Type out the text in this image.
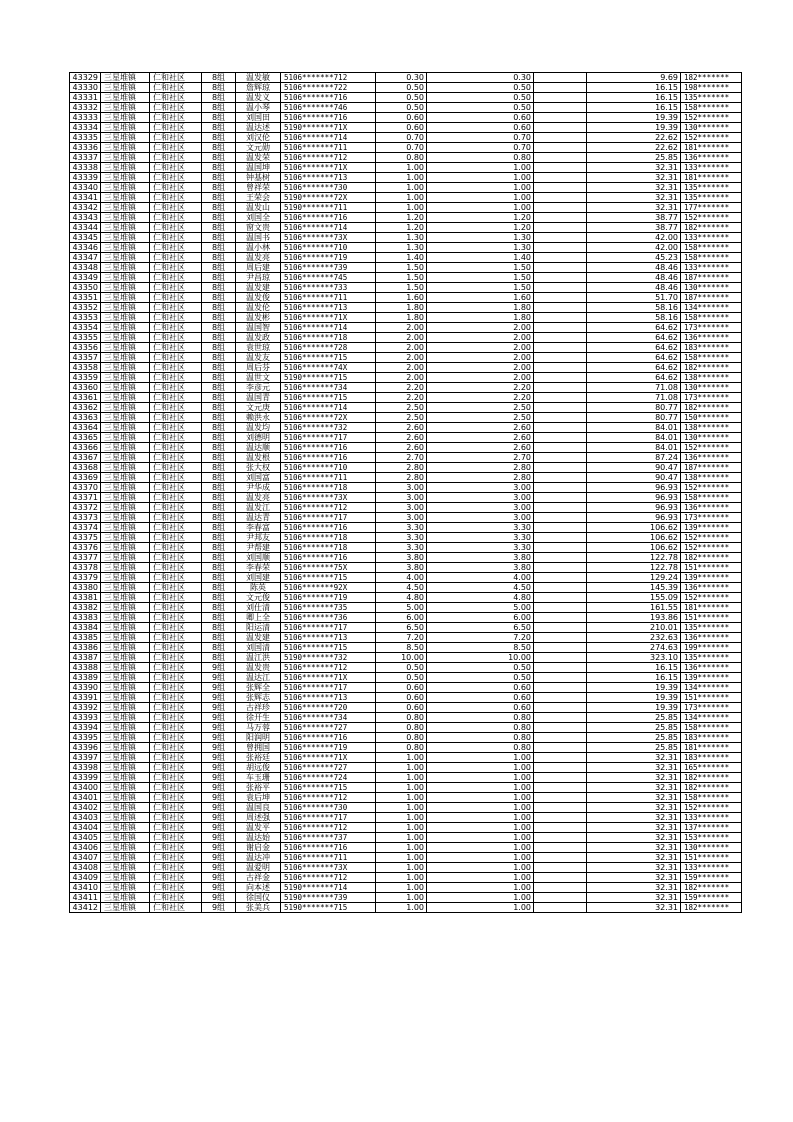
43329	三星堆镇	仁和社区	8组	温发敏	5106*******712	0.30	0.30		9.69	182*******
43330	三星堆镇	仁和社区	8组	詹辉琼	5106*******722	0.50	0.50		16.15	198*******
43331	三星堆镇	仁和社区	8组	温发义	5106*******716	0.50	0.50		16.15	135*******
43332	三星堆镇	仁和社区	8组	温小琴	5106*******746	0.50	0.50		16.15	158*******
43333	三星堆镇	仁和社区	8组	刘国田	5106*******716	0.60	0.60		19.39	152*******
43334	三星堆镇	仁和社区	8组	温达述	5190*******71X	0.60	0.60		19.39	130*******
43335	三星堆镇	仁和社区	8组	刘汉伦	5106*******714	0.70	0.70		22.62	152*******
43336	三星堆镇	仁和社区	8组	文元勋	5106*******711	0.70	0.70		22.62	181*******
43337	三星堆镇	仁和社区	8组	温发荣	5106*******712	0.80	0.80		25.85	136*******
43338	三星堆镇	仁和社区	8组	温国坤	5106*******71X	1.00	1.00		32.31	133*******
43339	三星堆镇	仁和社区	8组	钟基树	5106*******713	1.00	1.00		32.31	181*******
43340	三星堆镇	仁和社区	8组	曾祥荣	5106*******730	1.00	1.00		32.31	135*******
43341	三星堆镇	仁和社区	8组	王荣会	5190*******72X	1.00	1.00		32.31	135*******
43342	三星堆镇	仁和社区	8组	温发山	5190*******711	1.00	1.00		32.31	177*******
43343	三星堆镇	仁和社区	8组	刘国全	5106*******716	1.20	1.20		38.77	152*******
43344	三星堆镇	仁和社区	8组	窗文贵	5106*******714	1.20	1.20		38.77	182*******
43345	三星堆镇	仁和社区	8组	温国书	5106*******73X	1.30	1.30		42.00	133*******
43346	三星堆镇	仁和社区	8组	温小林	5106*******710	1.30	1.30		42.00	158*******
43347	三星堆镇	仁和社区	8组	温发亮	5106*******719	1.40	1.40		45.23	158*******
43348	三星堆镇	仁和社区	8组	周后建	5106*******739	1.50	1.50		48.46	133*******
43349	三星堆镇	仁和社区	8组	尹昌琼	5106*******745	1.50	1.50		48.46	187*******
43350	三星堆镇	仁和社区	8组	温发建	5106*******733	1.50	1.50		48.46	130*******
43351	三星堆镇	仁和社区	8组	温发俊	5106*******711	1.60	1.60		51.70	187*******
43352	三星堆镇	仁和社区	8组	温发伦	5106*******713	1.80	1.80		58.16	134*******
43353	三星堆镇	仁和社区	8组	温发彬	5106*******71X	1.80	1.80		58.16	158*******
43354	三星堆镇	仁和社区	8组	温国智	5106*******714	2.00	2.00		64.62	173*******
43355	三星堆镇	仁和社区	8组	温发政	5106*******718	2.00	2.00		64.62	136*******
43356	三星堆镇	仁和社区	8组	袁世琼	5106*******728	2.00	2.00		64.62	183*******
43357	三星堆镇	仁和社区	8组	温发友	5106*******715	2.00	2.00		64.62	158*******
43358	三星堆镇	仁和社区	8组	周后芬	5106*******74X	2.00	2.00		64.62	182*******
43359	三星堆镇	仁和社区	8组	温世文	5190*******715	2.00	2.00		64.62	138*******
43360	三星堆镇	仁和社区	8组	李彦元	5106*******734	2.20	2.20		71.08	130*******
43361	三星堆镇	仁和社区	8组	温国青	5106*******715	2.20	2.20		71.08	173*******
43362	三星堆镇	仁和社区	8组	文元庚	5106*******714	2.50	2.50		80.77	182*******
43363	三星堆镇	仁和社区	8组	赖洪永	5106*******72X	2.50	2.50		80.77	150*******
43364	三星堆镇	仁和社区	8组	温发均	5106*******732	2.60	2.60		84.01	138*******
43365	三星堆镇	仁和社区	8组	刘德明	5106*******717	2.60	2.60		84.01	130*******
43366	三星堆镇	仁和社区	8组	温达顺	5106*******716	2.60	2.60		84.01	152*******
43367	三星堆镇	仁和社区	8组	温发根	5106*******716	2.70	2.70		87.24	136*******
43368	三星堆镇	仁和社区	8组	张大权	5106*******710	2.80	2.80		90.47	187*******
43369	三星堆镇	仁和社区	8组	刘国富	5106*******711	2.80	2.80		90.47	138*******
43370	三星堆镇	仁和社区	8组	尹华成	5106*******718	3.00	3.00		96.93	152*******
43371	三星堆镇	仁和社区	8组	温发亮	5106*******73X	3.00	3.00		96.93	158*******
43372	三星堆镇	仁和社区	8组	温发江	5106*******712	3.00	3.00		96.93	136*******
43373	三星堆镇	仁和社区	8组	温达青	5106*******717	3.00	3.00		96.93	173*******
43374	三星堆镇	仁和社区	8组	李春富	5106*******716	3.30	3.30		106.62	139*******
43375	三星堆镇	仁和社区	8组	尹邦友	5106*******718	3.30	3.30		106.62	152*******
43376	三星堆镇	仁和社区	8组	尹帮建	5106*******718	3.30	3.30		106.62	152*******
43377	三星堆镇	仁和社区	8组	刘国顺	5106*******716	3.80	3.80		122.78	182*******
43378	三星堆镇	仁和社区	8组	李春荣	5106*******75X	3.80	3.80		122.78	151*******
43379	三星堆镇	仁和社区	8组	刘国建	5106*******715	4.00	4.00		129.24	139*******
43380	三星堆镇	仁和社区	8组	陈英	5106*******92X	4.50	4.50		145.39	136*******
43381	三星堆镇	仁和社区	8组	文元俊	5106*******719	4.80	4.80		155.09	152*******
43382	三星堆镇	仁和社区	8组	刘仕清	5106*******735	5.00	5.00		161.55	181*******
43383	三星堆镇	仁和社区	8组	卿上全	5106*******736	6.00	6.00		193.86	151*******
43384	三星堆镇	仁和社区	8组	阳运清	5106*******717	6.50	6.50		210.01	135*******
43385	三星堆镇	仁和社区	8组	温发建	5106*******713	7.20	7.20		232.63	136*******
43386	三星堆镇	仁和社区	8组	刘国清	5106*******715	8.50	8.50		274.63	199*******
43387	三星堆镇	仁和社区	8组	温江洪	5190*******732	10.00	10.00		323.10	135*******
43388	三星堆镇	仁和社区	9组	温发贵	5106*******712	0.50	0.50		16.15	136*******
43389	三星堆镇	仁和社区	9组	温达江	5106*******71X	0.50	0.50		16.15	139*******
43390	三星堆镇	仁和社区	9组	张辉全	5106*******717	0.60	0.60		19.39	134*******
43391	三星堆镇	仁和社区	9组	张辉志	5106*******713	0.60	0.60		19.39	151*******
43392	三星堆镇	仁和社区	9组	古祥珍	5106*******720	0.60	0.60		19.39	173*******
43393	三星堆镇	仁和社区	9组	徐开生	5106*******734	0.80	0.80		25.85	134*******
43394	三星堆镇	仁和社区	9组	马万蓉	5106*******727	0.80	0.80		25.85	158*******
43395	三星堆镇	仁和社区	9组	阳润明	5106*******716	0.80	0.80		25.85	183*******
43396	三星堆镇	仁和社区	9组	曾拥国	5106*******719	0.80	0.80		25.85	181*******
43397	三星堆镇	仁和社区	9组	张裕廷	5106*******71X	1.00	1.00		32.31	183*******
43398	三星堆镇	仁和社区	9组	胡远俊	5106*******727	1.00	1.00		32.31	165*******
43399	三星堆镇	仁和社区	9组	车玉珊	5106*******724	1.00	1.00		32.31	182*******
43400	三星堆镇	仁和社区	9组	张裕平	5106*******715	1.00	1.00		32.31	182*******
43401	三星堆镇	仁和社区	9组	袁后坤	5106*******712	1.00	1.00		32.31	158*******
43402	三星堆镇	仁和社区	9组	温国良	5106*******730	1.00	1.00		32.31	152*******
43403	三星堆镇	仁和社区	9组	周述强	5106*******717	1.00	1.00		32.31	133*******
43404	三星堆镇	仁和社区	9组	温发平	5106*******712	1.00	1.00		32.31	137*******
43405	三星堆镇	仁和社区	9组	温达始	5106*******737	1.00	1.00		32.31	153*******
43406	三星堆镇	仁和社区	9组	谢启金	5106*******716	1.00	1.00		32.31	130*******
43407	三星堆镇	仁和社区	9组	温达冲	5106*******711	1.00	1.00		32.31	151*******
43408	三星堆镇	仁和社区	9组	温爱明	5106*******73X	1.00	1.00		32.31	133*******
43409	三星堆镇	仁和社区	9组	古祥金	5106*******712	1.00	1.00		32.31	159*******
43410	三星堆镇	仁和社区	9组	向本述	5190*******714	1.00	1.00		32.31	182*******
43411	三星堆镇	仁和社区	9组	徐国仪	5190*******739	1.00	1.00		32.31	159*******
43412	三星堆镇	仁和社区	9组	张美兵	5190*******715	1.00	1.00		32.31	182*******
